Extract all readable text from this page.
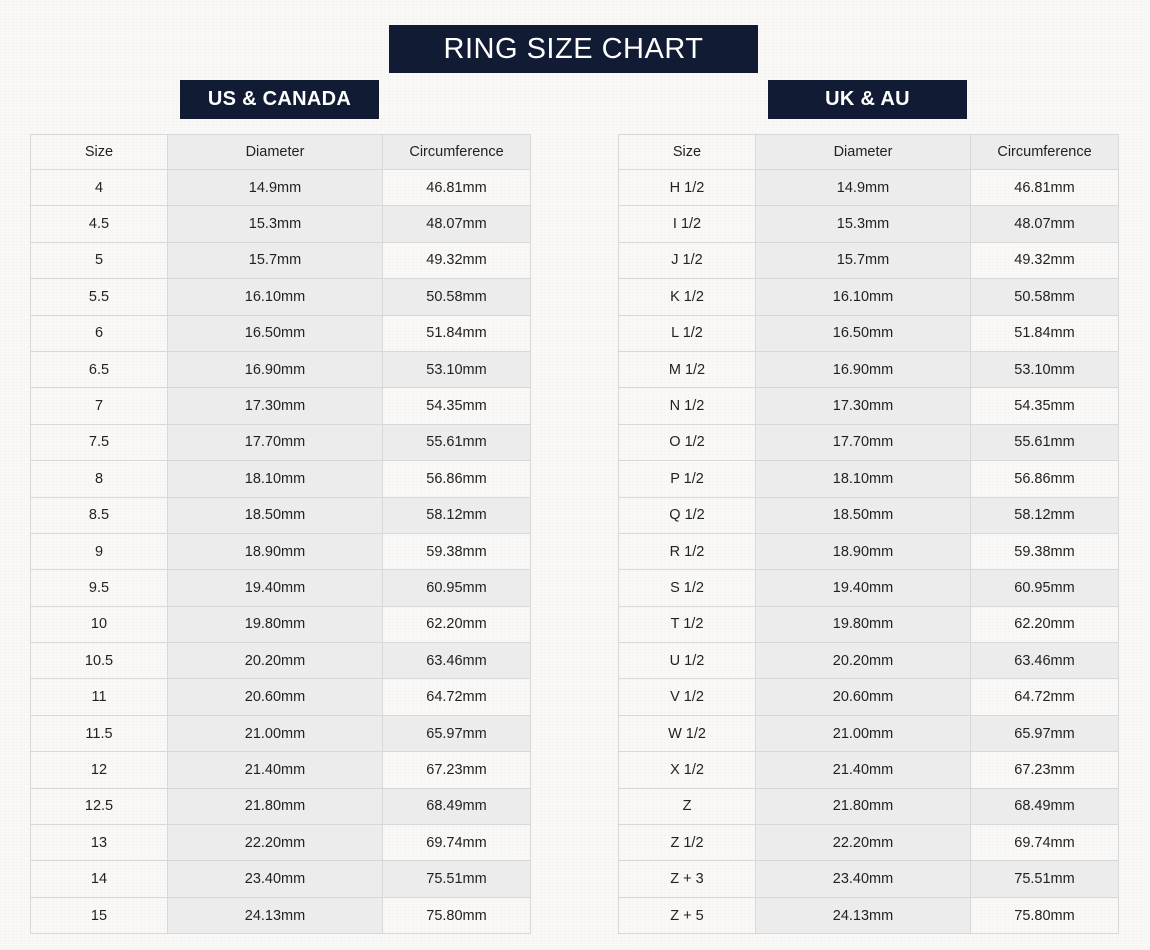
RING SIZE CHART
US & CANADA
Size	Diameter	Circumference
4	14.9mm	46.81mm
4.5	15.3mm	48.07mm
5	15.7mm	49.32mm
5.5	16.10mm	50.58mm
6	16.50mm	51.84mm
6.5	16.90mm	53.10mm
7	17.30mm	54.35mm
7.5	17.70mm	55.61mm
8	18.10mm	56.86mm
8.5	18.50mm	58.12mm
9	18.90mm	59.38mm
9.5	19.40mm	60.95mm
10	19.80mm	62.20mm
10.5	20.20mm	63.46mm
11	20.60mm	64.72mm
11.5	21.00mm	65.97mm
12	21.40mm	67.23mm
12.5	21.80mm	68.49mm
13	22.20mm	69.74mm
14	23.40mm	75.51mm
15	24.13mm	75.80mm
UK & AU
Size	Diameter	Circumference
H 1/2	14.9mm	46.81mm
I 1/2	15.3mm	48.07mm
J 1/2	15.7mm	49.32mm
K 1/2	16.10mm	50.58mm
L 1/2	16.50mm	51.84mm
M 1/2	16.90mm	53.10mm
N 1/2	17.30mm	54.35mm
O 1/2	17.70mm	55.61mm
P 1/2	18.10mm	56.86mm
Q 1/2	18.50mm	58.12mm
R 1/2	18.90mm	59.38mm
S 1/2	19.40mm	60.95mm
T 1/2	19.80mm	62.20mm
U 1/2	20.20mm	63.46mm
V 1/2	20.60mm	64.72mm
W 1/2	21.00mm	65.97mm
X 1/2	21.40mm	67.23mm
Z	21.80mm	68.49mm
Z 1/2	22.20mm	69.74mm
Z + 3	23.40mm	75.51mm
Z + 5	24.13mm	75.80mm
